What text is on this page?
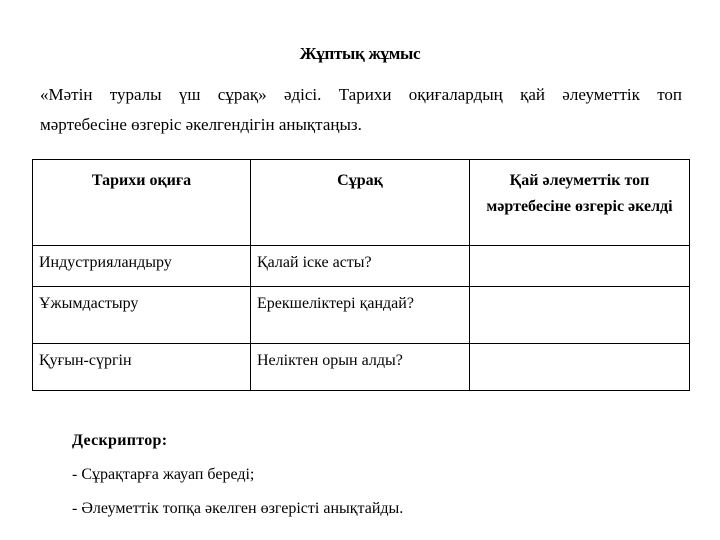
Жұптық жұмыс
«Мәтін туралы үш сұрақ» әдісі. Тарихи оқиғалардың қай әлеуметтік топ
мәртебесіне өзгеріс әкелгендігін анықтаңыз.
Тарихи оқиға	Сұрақ	Қай әлеуметтік топ мәртебесіне өзгеріс әкелді
Индустрияландыру	Қалай іске асты?	
Ұжымдастыру	Ерекшеліктері қандай?	
Қуғын-сүргін	Неліктен орын алды?	
Дескриптор:
- Сұрақтарға жауап береді;
- Әлеуметтік топқа әкелген өзгерісті анықтайды.
